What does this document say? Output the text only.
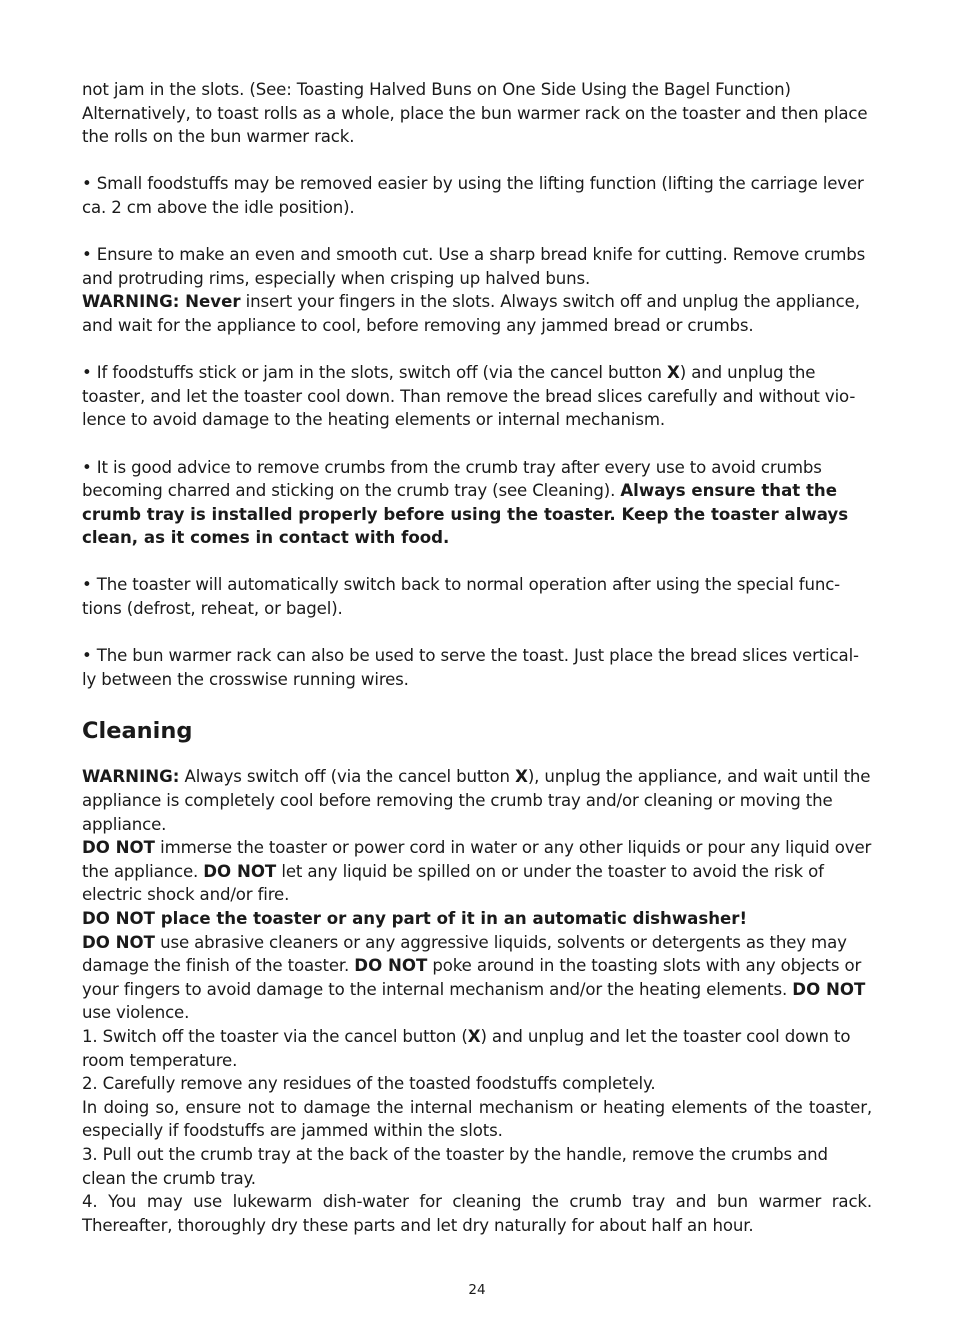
not jam in the slots. (See: Toasting Halved Buns on One Side Using the Bagel Function)
Alternatively, to toast rolls as a whole, place the bun warmer rack on the toaster and then place the rolls on the bun warmer rack.

• Small foodstuffs may be removed easier by using the lifting function (lifting the carriage lever ca. 2 cm above the idle position).

• Ensure to make an even and smooth cut. Use a sharp bread knife for cutting. Remove crumbs and protruding rims, especially when crisping up halved buns.
WARNING: Never insert your fingers in the slots. Always switch off and unplug the appliance, and wait for the appliance to cool, before removing any jammed bread or crumbs.

• If foodstuffs stick or jam in the slots, switch off (via the cancel button X) and unplug the toaster, and let the toaster cool down. Than remove the bread slices carefully and without vio-lence to avoid damage to the heating elements or internal mechanism.

• It is good advice to remove crumbs from the crumb tray after every use to avoid crumbs becoming charred and sticking on the crumb tray (see Cleaning). Always ensure that the crumb tray is installed properly before using the toaster. Keep the toaster always clean, as it comes in contact with food.

• The toaster will automatically switch back to normal operation after using the special func-tions (defrost, reheat, or bagel).

• The bun warmer rack can also be used to serve the toast. Just place the bread slices vertical-ly between the crosswise running wires.

Cleaning

WARNING: Always switch off (via the cancel button X), unplug the appliance, and wait until the appliance is completely cool before removing the crumb tray and/or cleaning or moving the appliance.

DO NOT immerse the toaster or power cord in water or any other liquids or pour any liquid over the appliance. DO NOT let any liquid be spilled on or under the toaster to avoid the risk of electric shock and/or fire.

DO NOT place the toaster or any part of it in an automatic dishwasher!

DO NOT use abrasive cleaners or any aggressive liquids, solvents or detergents as they may damage the finish of the toaster. DO NOT poke around in the toasting slots with any objects or your fingers to avoid damage to the internal mechanism and/or the heating elements. DO NOT use violence.

1. Switch off the toaster via the cancel button (X) and unplug and let the toaster cool down to room temperature.

2. Carefully remove any residues of the toasted foodstuffs completely.

In doing so, ensure not to damage the internal mechanism or heating elements of the toaster, especially if foodstuffs are jammed within the slots.

3. Pull out the crumb tray at the back of the toaster by the handle, remove the crumbs and clean the crumb tray.

4. You may use lukewarm dish-water for cleaning the crumb tray and bun warmer rack. Thereafter, thoroughly dry these parts and let dry naturally for about half an hour.

24
